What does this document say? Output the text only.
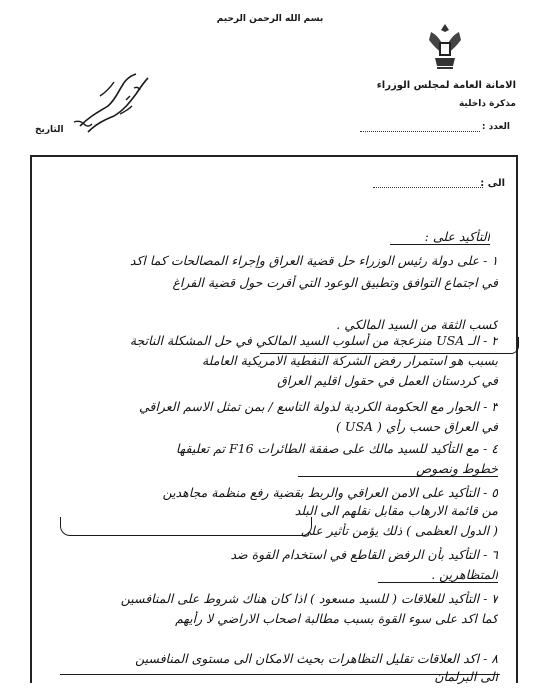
بسم الله الرحمن الرحيم
الامانة العامة لمجلس الوزراء
مذكرة داخلية
العدد :
التاريخ
الى :
التأكيد على :
١ - على دولة رئيس الوزراء حل قضية العراق وإجراء المصالحات كما اكد
في اجتماع التوافق وتطبيق الوعود التي أقرت حول قضية الفراغ
كسب الثقة من السيد المالكي .
٢ - الـ USA منزعجة من أسلوب السيد المالكي في حل المشكلة الناتجة
بسبب هو استمرار رفض الشركة النفطية الامريكية العاملة
في كردستان العمل في حقول اقليم العراق
٣ - الحوار مع الحكومة الكردية لدولة التاسع / بمن تمثل الاسم العراقي
في العراق حسب رأي ( USA )
٤ - مع التأكيد للسيد مالك على صفقة الطائرات F16 تم تعليقها
خطوط ونصوص
٥ - التأكيد على الامن العراقي والربط بقضية رفع منظمة مجاهدين
من قائمة الارهاب مقابل نقلهم الى البلد
( الدول العظمى ) ذلك يؤمن تأثير على
٦ - التأكيد بأن الرفض القاطع في استخدام القوة ضد
المتظاهرين .
٧ - التأكيد للعلاقات ( للسيد مسعود ) اذا كان هناك شروط على المنافسين
كما اكد على سوء القوة بسبب مطالبة اصحاب الاراضي لا رأيهم
٨ - اكد العلاقات تقليل التظاهرات بحيث الامكان الى مستوى المنافسين
الى البرلمان
